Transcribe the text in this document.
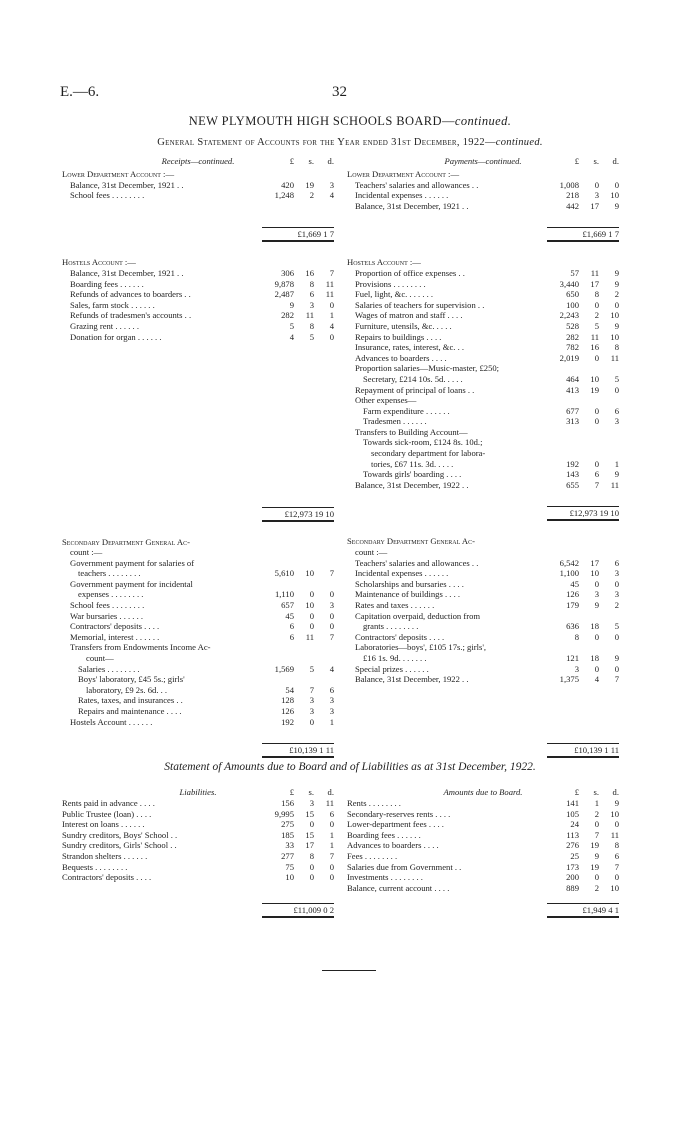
E.—6.	32
NEW PLYMOUTH HIGH SCHOOLS BOARD—continued.
General Statement of Accounts for the Year ended 31st December, 1922—continued.
Receipts—continued.	£	s.	d.
Lower Department Account :—
Balance, 31st December, 1921 . .	420	19	3
School fees . . . . . . . .	1,248	2	4
£1,669 1 7
Hostels Account :—
Balance, 31st December, 1921 . .	306	16	7
Boarding fees . . . . . .	9,878	8	11
Refunds of advances to boarders . .	2,487	6	11
Sales, farm stock . . . . . .	9	3	0
Refunds of tradesmen's accounts . .	282	11	1
Grazing rent . . . . . .	5	8	4
Donation for organ . . . . . .	4	5	0
£12,973 19 10
Secondary Department General Ac-
count :—
Government payment for salaries of
teachers . . . . . . . .	5,610	10	7
Government payment for incidental
expenses . . . . . . . .	1,110	0	0
School fees . . . . . . . .	657	10	3
War bursaries . . . . . .	45	0	0
Contractors' deposits . . . .	6	0	0
Memorial, interest . . . . . .	6	11	7
Transfers from Endowments Income Ac-
count—
Salaries . . . . . . . .	1,569	5	4
Boys' laboratory, £45 5s.; girls'
laboratory, £9 2s. 6d. . .	54	7	6
Rates, taxes, and insurances . .	128	3	3
Repairs and maintenance . . . .	126	3	3
Hostels Account . . . . . .	192	0	1
£10,139 1 11
Payments—continued.	£	s.	d.
Lower Department Account :—
Teachers' salaries and allowances . .	1,008	0	0
Incidental expenses . . . . . .	218	3	10
Balance, 31st December, 1921 . .	442	17	9
£1,669 1 7
Hostels Account :—
Proportion of office expenses . .	57	11	9
Provisions . . . . . . . .	3,440	17	9
Fuel, light, &c. . . . . . .	650	8	2
Salaries of teachers for supervision . .	100	0	0
Wages of matron and staff . . . .	2,243	2	10
Furniture, utensils, &c. . . . .	528	5	9
Repairs to buildings . . . .	282	11	10
Insurance, rates, interest, &c. . .	782	16	8
Advances to boarders . . . .	2,019	0	11
Proportion salaries—Music-master, £250;
Secretary, £214 10s. 5d. . . . .	464	10	5
Repayment of principal of loans . .	413	19	0
Other expenses—
Farm expenditure . . . . . .	677	0	6
Tradesmen . . . . . .	313	0	3
Transfers to Building Account—
Towards sick-room, £124 8s. 10d.;
secondary department for labora-
tories, £67 11s. 3d. . . . .	192	0	1
Towards girls' boarding . . . .	143	6	9
Balance, 31st December, 1922 . .	655	7	11
£12,973 19 10
Secondary Department General Ac-
count :—
Teachers' salaries and allowances . .	6,542	17	6
Incidental expenses . . . . . .	1,100	10	3
Scholarships and bursaries . . . .	45	0	0
Maintenance of buildings . . . .	126	3	3
Rates and taxes . . . . . .	179	9	2
Capitation overpaid, deduction from
grants . . . . . . . .	636	18	5
Contractors' deposits . . . .	8	0	0
Laboratories—boys', £105 17s.; girls',
£16 1s. 9d. . . . . . .	121	18	9
Special prizes . . . . . .	3	0	0
Balance, 31st December, 1922 . .	1,375	4	7
£10,139 1 11
Statement of Amounts due to Board and of Liabilities as at 31st December, 1922.
Liabilities.	£	s.	d.
Rents paid in advance . . . .	156	3	11
Public Trustee (loan) . . . .	9,995	15	6
Interest on loans . . . . . .	275	0	0
Sundry creditors, Boys' School . .	185	15	1
Sundry creditors, Girls' School . .	33	17	1
Strandon shelters . . . . . .	277	8	7
Bequests . . . . . . . .	75	0	0
Contractors' deposits . . . .	10	0	0
£11,009 0 2
Amounts due to Board.	£	s.	d.
Rents . . . . . . . .	141	1	9
Secondary-reserves rents . . . .	105	2	10
Lower-department fees . . . .	24	0	0
Boarding fees . . . . . .	113	7	11
Advances to boarders . . . .	276	19	8
Fees . . . . . . . .	25	9	6
Salaries due from Government . .	173	19	7
Investments . . . . . . . .	200	0	0
Balance, current account . . . .	889	2	10
£1,949 4 1
